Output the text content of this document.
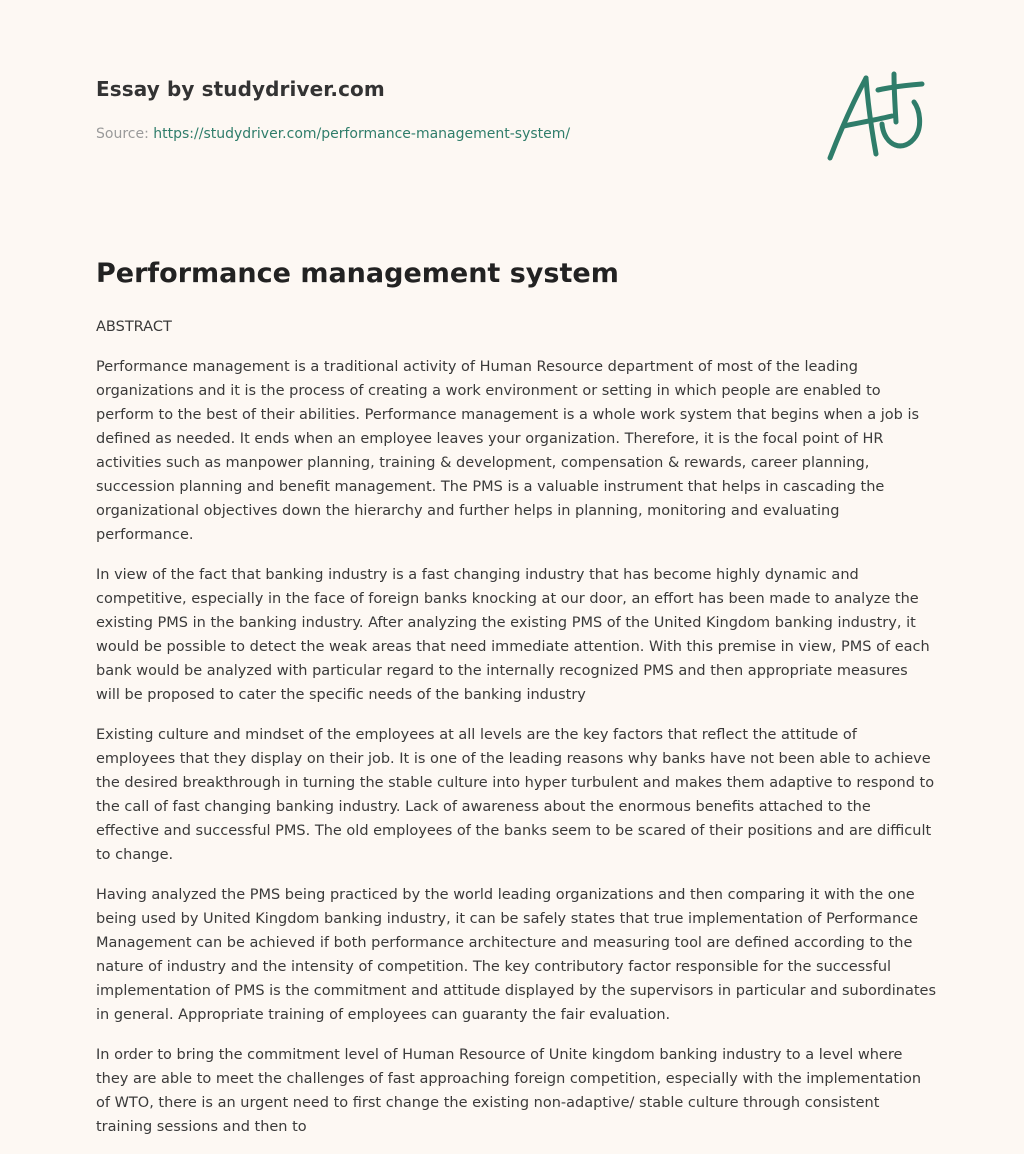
Essay by studydriver.com
Source: https://studydriver.com/performance-management-system/
Performance management system

ABSTRACT

Performance management is a traditional activity of Human Resource department of most of the leading organizations and it is the process of creating a work environment or setting in which people are enabled to perform to the best of their abilities. Performance management is a whole work system that begins when a job is defined as needed. It ends when an employee leaves your organization. Therefore, it is the focal point of HR activities such as manpower planning, training & development, compensation & rewards, career planning, succession planning and benefit management. The PMS is a valuable instrument that helps in cascading the organizational objectives down the hierarchy and further helps in planning, monitoring and evaluating performance.

In view of the fact that banking industry is a fast changing industry that has become highly dynamic and competitive, especially in the face of foreign banks knocking at our door, an effort has been made to analyze the existing PMS in the banking industry. After analyzing the existing PMS of the United Kingdom banking industry, it would be possible to detect the weak areas that need immediate attention. With this premise in view, PMS of each bank would be analyzed with particular regard to the internally recognized PMS and then appropriate measures will be proposed to cater the specific needs of the banking industry

Existing culture and mindset of the employees at all levels are the key factors that reflect the attitude of employees that they display on their job. It is one of the leading reasons why banks have not been able to achieve the desired breakthrough in turning the stable culture into hyper turbulent and makes them adaptive to respond to the call of fast changing banking industry. Lack of awareness about the enormous benefits attached to the effective and successful PMS. The old employees of the banks seem to be scared of their positions and are difficult to change.

Having analyzed the PMS being practiced by the world leading organizations and then comparing it with the one being used by United Kingdom banking industry, it can be safely states that true implementation of Performance Management can be achieved if both performance architecture and measuring tool are defined according to the nature of industry and the intensity of competition. The key contributory factor responsible for the successful implementation of PMS is the commitment and attitude displayed by the supervisors in particular and subordinates in general. Appropriate training of employees can guaranty the fair evaluation.

In order to bring the commitment level of Human Resource of Unite kingdom banking industry to a level where they are able to meet the challenges of fast approaching foreign competition, especially with the implementation of WTO, there is an urgent need to first change the existing non-adaptive/ stable culture through consistent training sessions and then to
